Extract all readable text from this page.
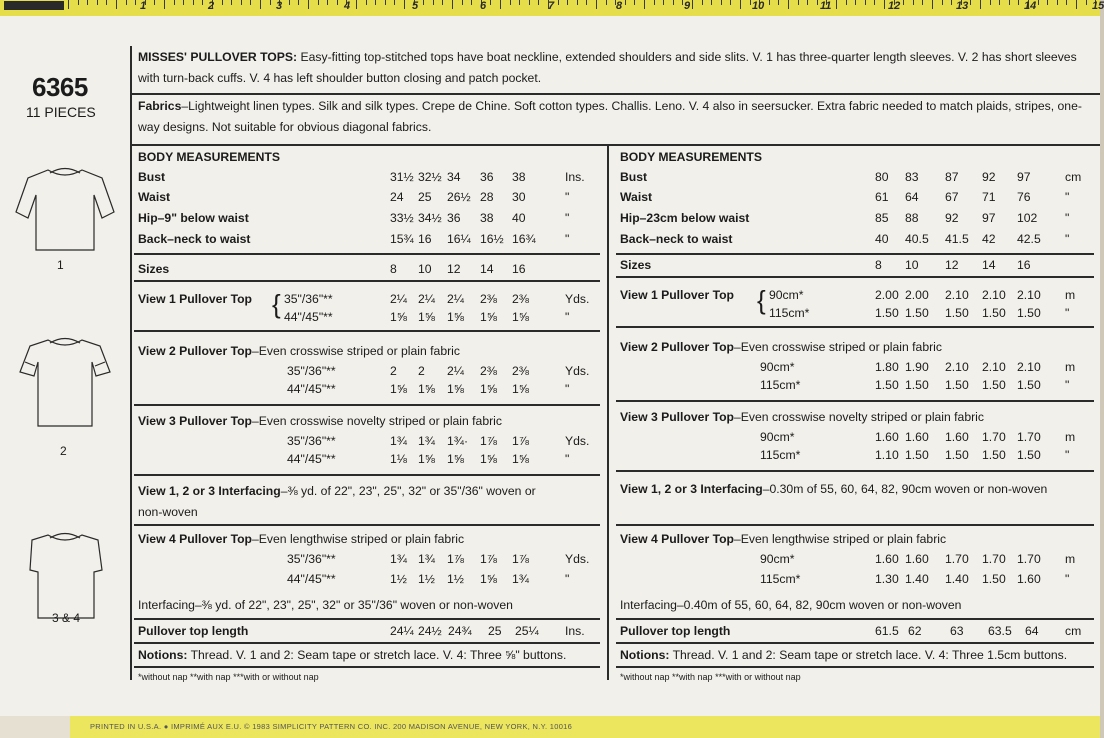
1	2	3	4	5	6	7	8	9	10	11	12	13	14	15
6365
11 PIECES
1
2
3 & 4
MISSES' PULLOVER TOPS: Easy-fitting top-stitched tops have boat neckline, extended shoulders and side slits. V. 1 has three-quarter length sleeves. V. 2 has short sleeves with turn-back cuffs. V. 4 has left shoulder button closing and patch pocket.
Fabrics–Lightweight linen types. Silk and silk types. Crepe de Chine. Soft cotton types. Challis. Leno. V. 4 also in seersucker. Extra fabric needed to match plaids, stripes, one-way designs. Not suitable for obvious diagonal fabrics.
BODY MEASUREMENTS
Bust	31½ 32½ 34 36 38	Ins.
Waist	24 25 26½ 28 30	"
Hip–9" below waist	33½ 34½ 36 38 40	"
Back–neck to waist	15¾ 16 16¼ 16½ 16¾ "
Sizes	8 10 12 14 16
View 1 Pullover Top { 35"/36"**	2¼ 2¼ 2¼ 2⅜ 2⅜	Yds.
44"/45"**	1⅝ 1⅝ 1⅝ 1⅝ 1⅝	"
View 2 Pullover Top–Even crosswise striped or plain fabric
35"/36"**	2 2 2¼ 2⅜ 2⅜	Yds.
44"/45"**	1⅝ 1⅝ 1⅝ 1⅝ 1⅝	"
View 3 Pullover Top–Even crosswise novelty striped or plain fabric
35"/36"**	1¾ 1¾ 1¾· 1⅞ 1⅞	Yds.
44"/45"**	1⅛ 1⅝ 1⅝ 1⅝ 1⅝	"
View 1, 2 or 3 Interfacing–⅜ yd. of 22", 23", 25", 32" or 35"/36" woven or
non-woven
View 4 Pullover Top–Even lengthwise striped or plain fabric
35"/36"**	1¾ 1¾ 1⅞ 1⅞ 1⅞	Yds.
44"/45"**	1½ 1½ 1½ 1⅝ 1¾	"
Interfacing–⅜ yd. of 22", 23", 25", 32" or 35"/36" woven or non-woven
Pullover top length	24¼ 24½ 24¾ 25 25¼ Ins.
Notions: Thread. V. 1 and 2: Seam tape or stretch lace. V. 4: Three ⅝" buttons.
*without nap **with nap ***with or without nap
BODY MEASUREMENTS
Bust	80 83 87 92 97	cm
Waist	61 64 67 71 76	"
Hip–23cm below waist	85 88 92 97 102 "
Back–neck to waist	40 40.5 41.5 42 42.5 "
Sizes	8 10 12 14 16
View 1 Pullover Top { 90cm*	2.00 2.00 2.10 2.10 2.10 m
115cm*	1.50 1.50 1.50 1.50 1.50 "
View 2 Pullover Top–Even crosswise striped or plain fabric
90cm*	1.80 1.90 2.10 2.10 2.10 m
115cm*	1.50 1.50 1.50 1.50 1.50 "
View 3 Pullover Top–Even crosswise novelty striped or plain fabric
90cm*	1.60 1.60 1.60 1.70 1.70 m
115cm*	1.10 1.50 1.50 1.50 1.50 "
View 1, 2 or 3 Interfacing–0.30m of 55, 60, 64, 82, 90cm woven or non-woven
View 4 Pullover Top–Even lengthwise striped or plain fabric
90cm*	1.60 1.60 1.70 1.70 1.70 m
115cm*	1.30 1.40 1.40 1.50 1.60 "
Interfacing–0.40m of 55, 60, 64, 82, 90cm woven or non-woven
Pullover top length	61.5 62 63 63.5 64 cm
Notions: Thread. V. 1 and 2: Seam tape or stretch lace. V. 4: Three 1.5cm buttons.
*without nap **with nap ***with or without nap
PRINTED IN U.S.A. ● IMPRIMÉ AUX E.U. © 1983 SIMPLICITY PATTERN CO. INC. 200 MADISON AVENUE, NEW YORK, N.Y. 10016
